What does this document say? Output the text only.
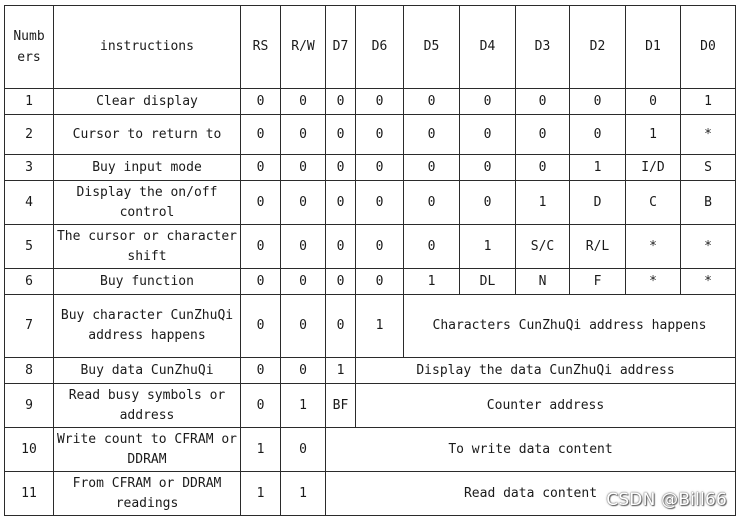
Numb ers	instructions	RS	R/W	D7	D6	D5	D4	D3	D2	D1	D0
1	Clear display	0	0	0	0	0	0	0	0	0	1
2	Cursor to return to	0	0	0	0	0	0	0	0	1	*
3	Buy input mode	0	0	0	0	0	0	0	1	I/D	S
4	Display the on/off control	0	0	0	0	0	0	1	D	C	B
5	The cursor or character shift	0	0	0	0	0	1	S/C	R/L	*	*
6	Buy function	0	0	0	0	1	DL	N	F	*	*
7	Buy character CunZhuQi address happens	0	0	0	1	Characters CunZhuQi address happens					
8	Buy data CunZhuQi	0	0	1	Display the data CunZhuQi address						
9	Read busy symbols or address	0	1	BF	Counter address						
10	Write count to CFRAM or DDRAM	1	0	To write data content							
11	From CFRAM or DDRAM readings	1	1	Read data content							CSDN @Bill66
